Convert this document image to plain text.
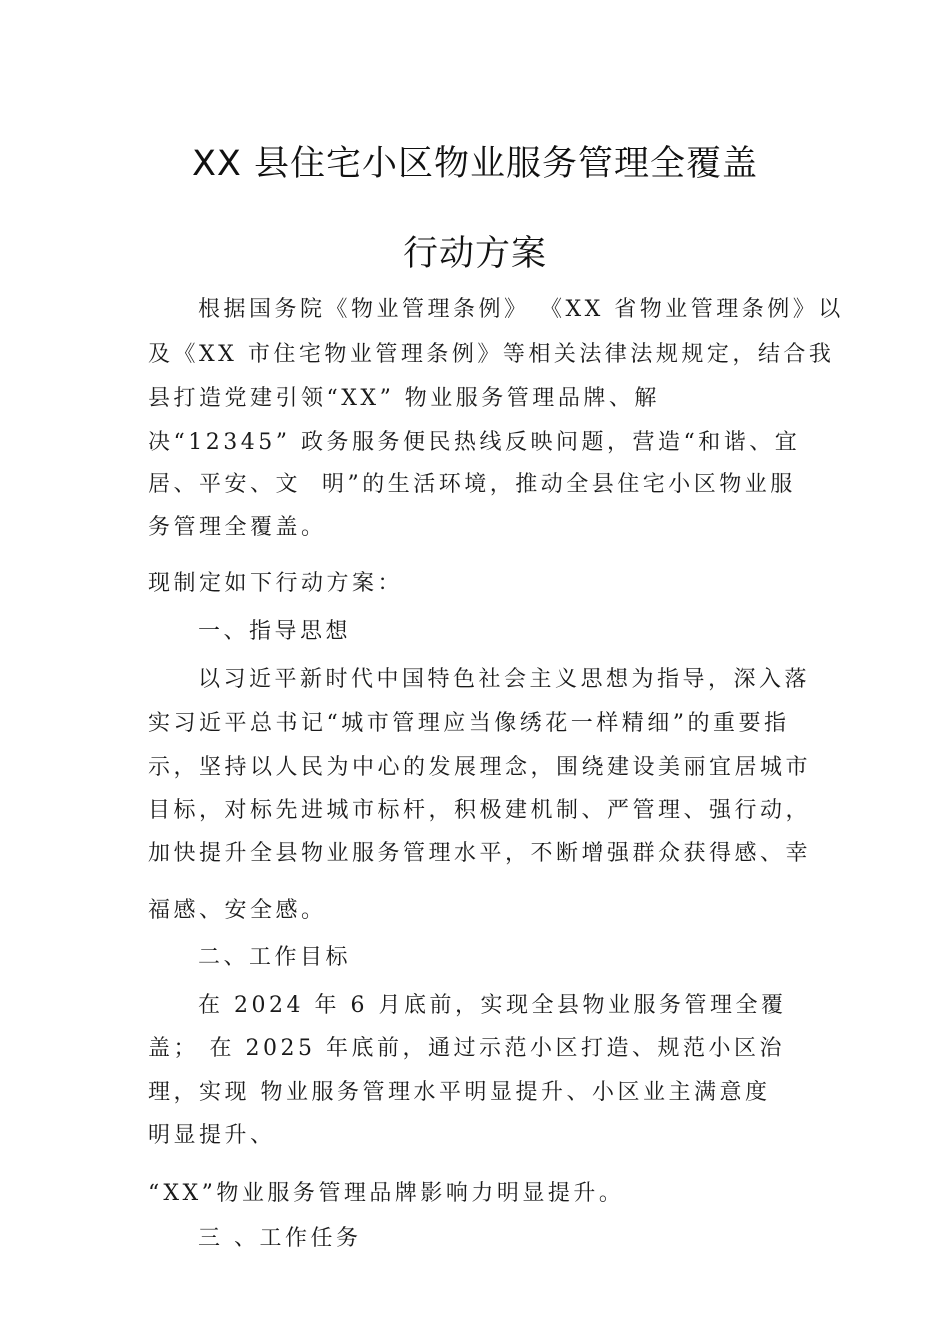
XX 县住宅小区物业服务管理全覆盖
行动方案
根据国务院《物业管理条例》 《XX 省物业管理条例》以
及《XX 市住宅物业管理条例》等相关法律法规规定，结合我
县打造党建引领“XX” 物业服务管理品牌、解
决“12345” 政务服务便民热线反映问题，营造“和谐、宜
居、平安、文  明”的生活环境，推动全县住宅小区物业服
务管理全覆盖。
现制定如下行动方案：
一、指导思想
以习近平新时代中国特色社会主义思想为指导，深入落
实习近平总书记“城市管理应当像绣花一样精细”的重要指
示，坚持以人民为中心的发展理念，围绕建设美丽宜居城市
目标，对标先进城市标杆，积极建机制、严管理、强行动，
加快提升全县物业服务管理水平，不断增强群众获得感、幸
福感、安全感。
二、工作目标
在 2024 年 6 月底前，实现全县物业服务管理全覆
盖； 在 2025 年底前，通过示范小区打造、规范小区治
理，实现 物业服务管理水平明显提升、小区业主满意度
明显提升、
“XX”物业服务管理品牌影响力明显提升。
三 、工作任务
